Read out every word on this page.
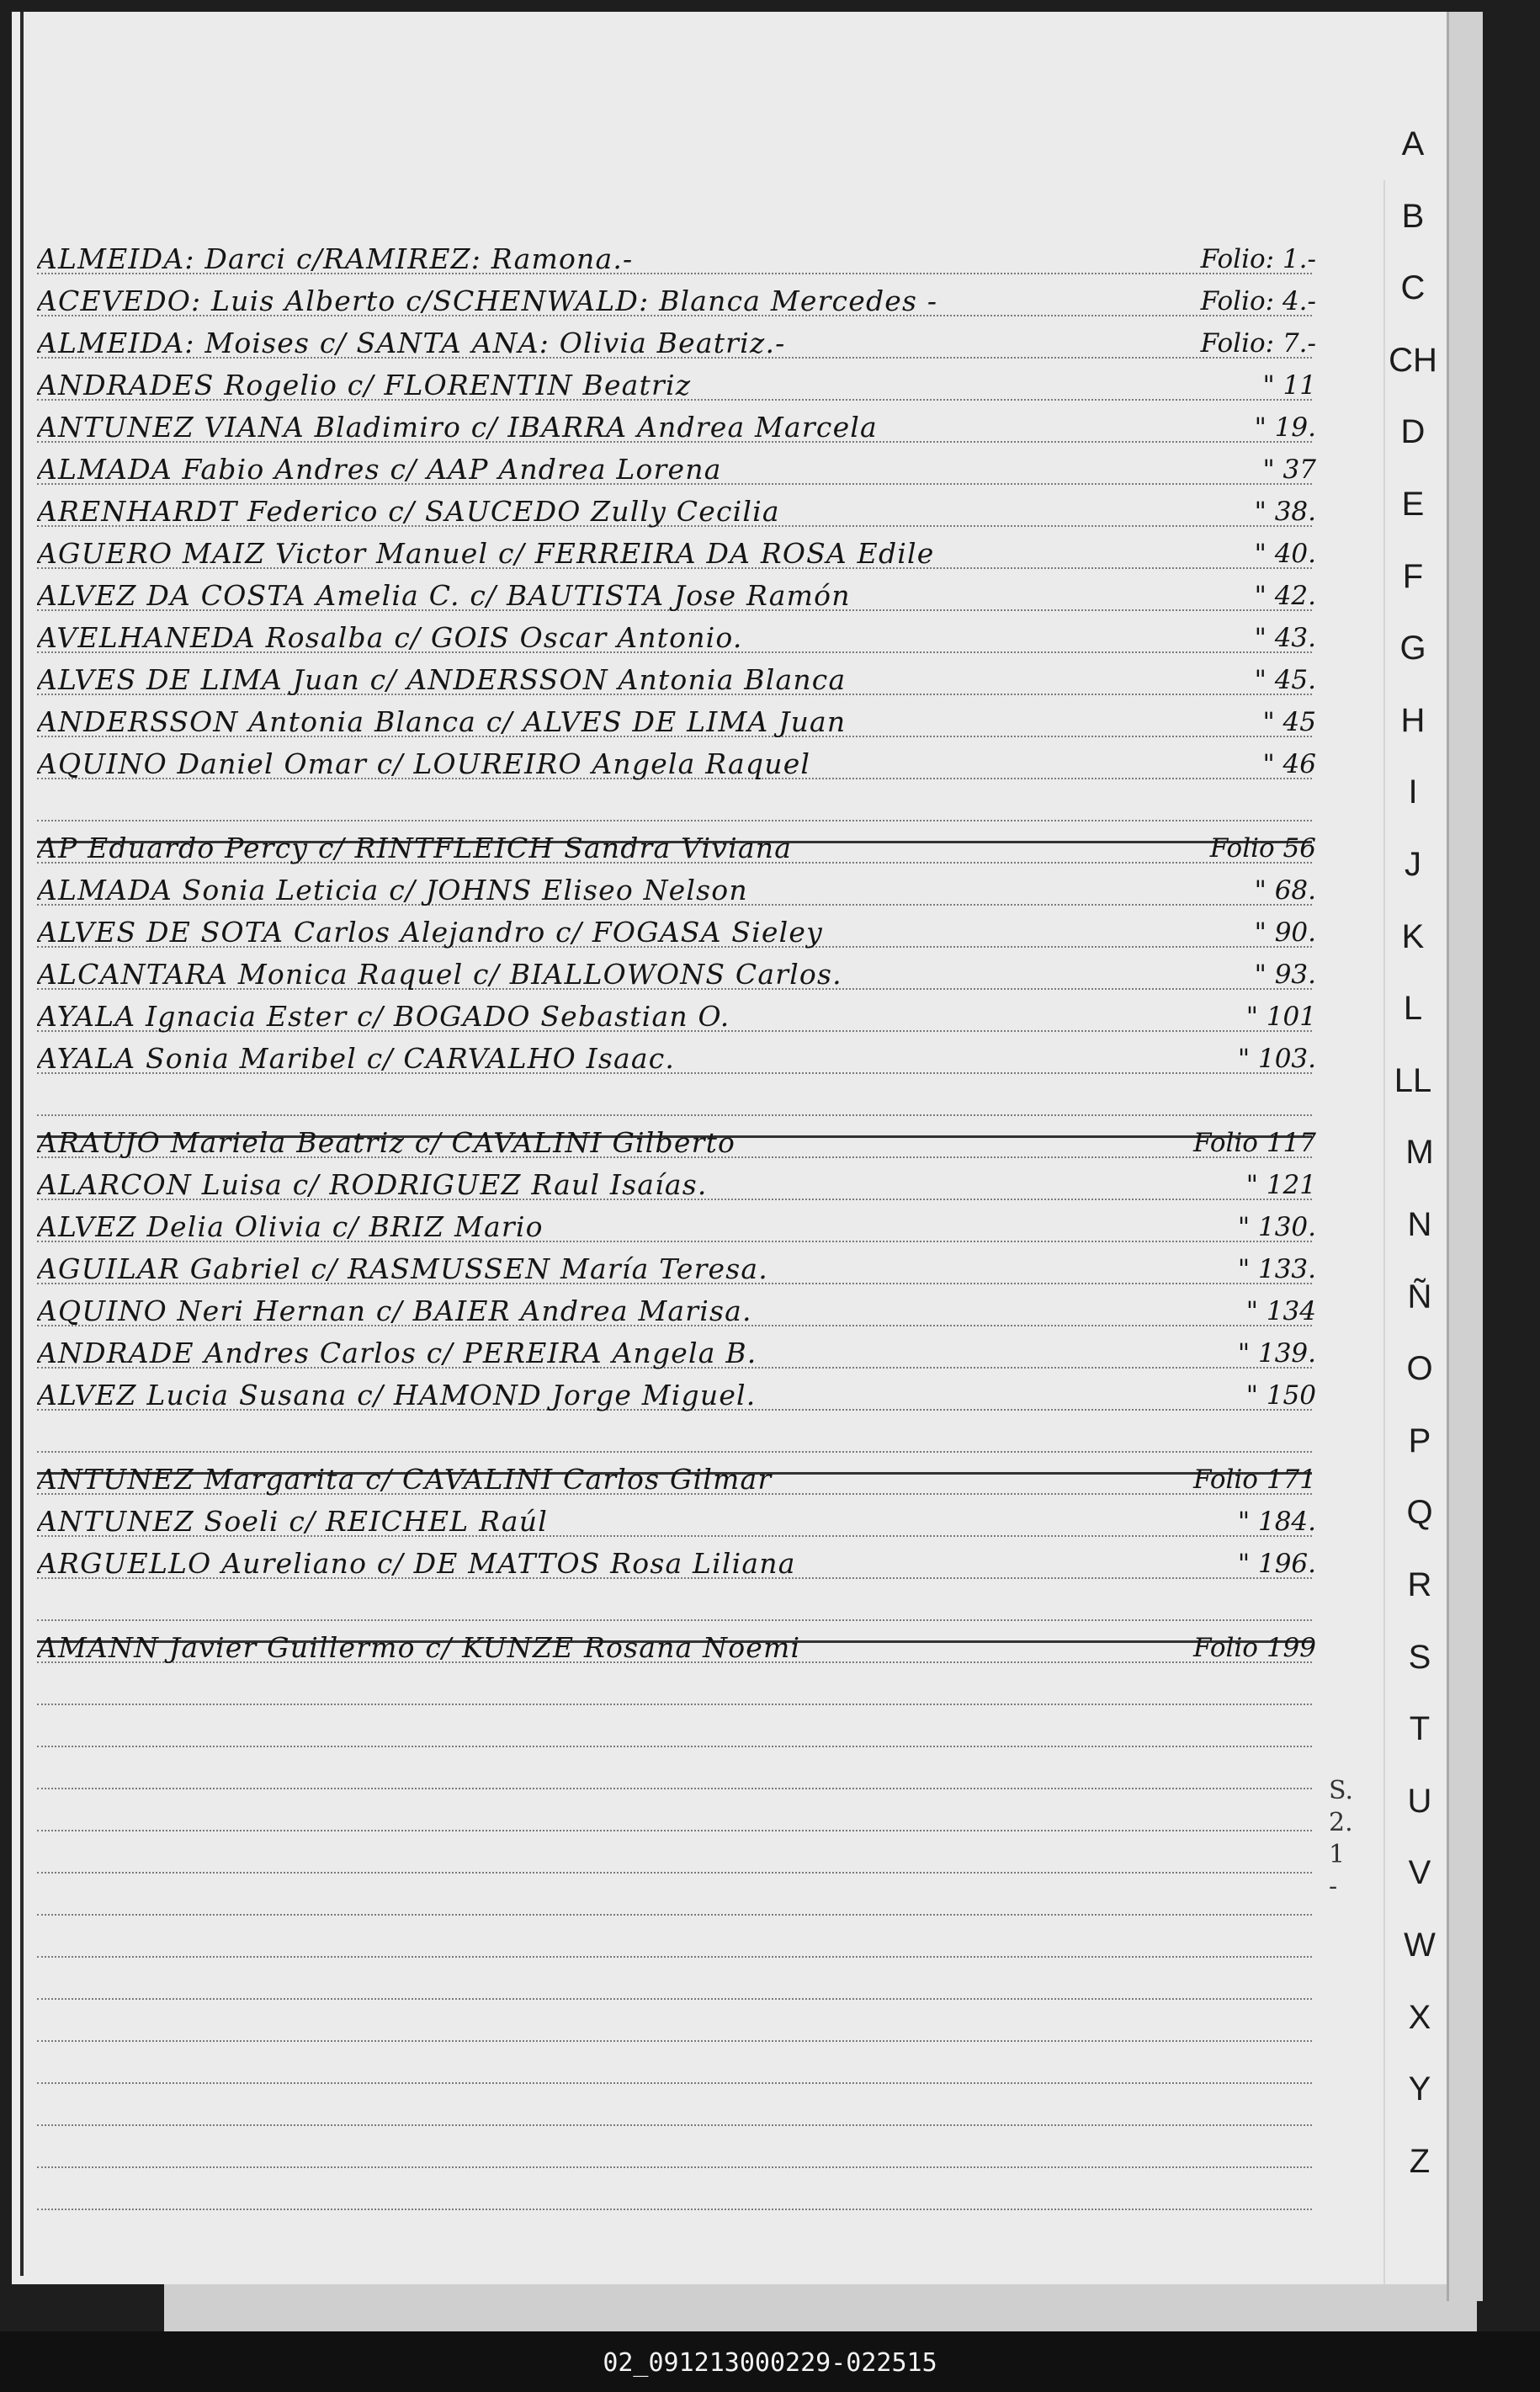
A
B
C
CH
D
E
F
G
H
I
J
K
L
LL
M
N
Ñ
O
P
Q
R
S
T
U
V
W
X
Y
Z
ALMEIDA: Darci c/RAMIREZ: Ramona.-	Folio: 1.-
ACEVEDO: Luis Alberto c/SCHENWALD: Blanca Mercedes -	Folio: 4.-
ALMEIDA: Moises c/ SANTA ANA: Olivia Beatriz.-	Folio: 7.-
ANDRADES Rogelio c/ FLORENTIN Beatriz	" 11
ANTUNEZ VIANA Bladimiro c/ IBARRA Andrea Marcela	" 19.
ALMADA Fabio Andres c/ AAP Andrea Lorena	" 37
ARENHARDT Federico c/ SAUCEDO Zully Cecilia	" 38.
AGUERO MAIZ Victor Manuel c/ FERREIRA DA ROSA Edile	" 40.
ALVEZ DA COSTA Amelia C. c/ BAUTISTA Jose Ramón	" 42.
AVELHANEDA Rosalba c/ GOIS Oscar Antonio.	" 43.
ALVES DE LIMA Juan c/ ANDERSSON Antonia Blanca	" 45.
ANDERSSON Antonia Blanca c/ ALVES DE LIMA Juan	" 45
AQUINO Daniel Omar c/ LOUREIRO Angela Raquel	" 46
AP Eduardo Percy c/ RINTFLEICH Sandra Viviana	Folio 56
ALMADA Sonia Leticia c/ JOHNS Eliseo Nelson	" 68.
ALVES DE SOTA Carlos Alejandro c/ FOGASA Sieley	" 90.
ALCANTARA Monica Raquel c/ BIALLOWONS Carlos.	" 93.
AYALA Ignacia Ester c/ BOGADO Sebastian O.	" 101
AYALA Sonia Maribel c/ CARVALHO Isaac.	" 103.
ARAUJO Mariela Beatriz c/ CAVALINI Gilberto	Folio 117
ALARCON Luisa c/ RODRIGUEZ Raul Isaías.	" 121
ALVEZ Delia Olivia c/ BRIZ Mario	" 130.
AGUILAR Gabriel c/ RASMUSSEN María Teresa.	" 133.
AQUINO Neri Hernan c/ BAIER Andrea Marisa.	" 134
ANDRADE Andres Carlos c/ PEREIRA Angela B.	" 139.
ALVEZ Lucia Susana c/ HAMOND Jorge Miguel.	" 150
ANTUNEZ Margarita c/ CAVALINI Carlos Gilmar	Folio 171
ANTUNEZ Soeli c/ REICHEL Raúl	" 184.
ARGUELLO Aureliano c/ DE MATTOS Rosa Liliana	" 196.
AMANN Javier Guillermo c/ KUNZE Rosana Noemi	Folio 199
S.
2.
1
-
02_091213000229-022515
